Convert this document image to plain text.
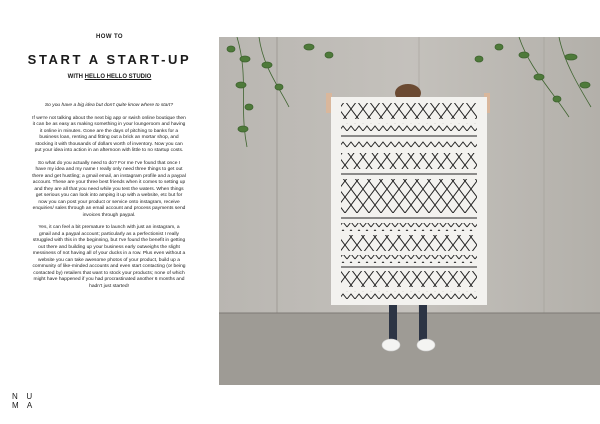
HOW TO
START A START-UP
WITH HELLO HELLO STUDIO

So you have a big idea but don't quite know where to start?

If we're not talking about the next big app or swish online boutique then it can be as easy as making something in your loungeroom and having it online in minutes. Gone are the days of pitching to banks for a business loan, renting and fitting out a brick an mortar shop, and stocking it with thousands of dollars worth of inventory. Now you can put your idea into action in an afternoon with little to no startup costs.

So what do you actually need to do? For me I've found that once I have my idea and my name I really only need three things to get out there and get hustling; a gmail email, an instagram profile and a paypal account. These are your three best friends when it comes to setting up and they are all that you need while you test the waters. When things get serious you can look into amping it up with a website, etc but for now you can post your product or service onto instagram, receive enquiries/ sales through an email account and process payments send invoices through paypal.

Yes, it can feel a bit premature to launch with just an instagram, a gmail and a paypal account; particularly as a perfectionist I really struggled with this in the beginning, but I've found the benefit in getting out there and building up your business early outweighs the slight messiness of not having all of your ducks in a row. Plus even without a website you can take awesome photos of your product, build up a community of like-minded accounts and even start contacting (or being contacted by) retailers that want to stock your products; none of which might have happened if you had procrastinated another 6 months and hadn't just started!

N U
M A
